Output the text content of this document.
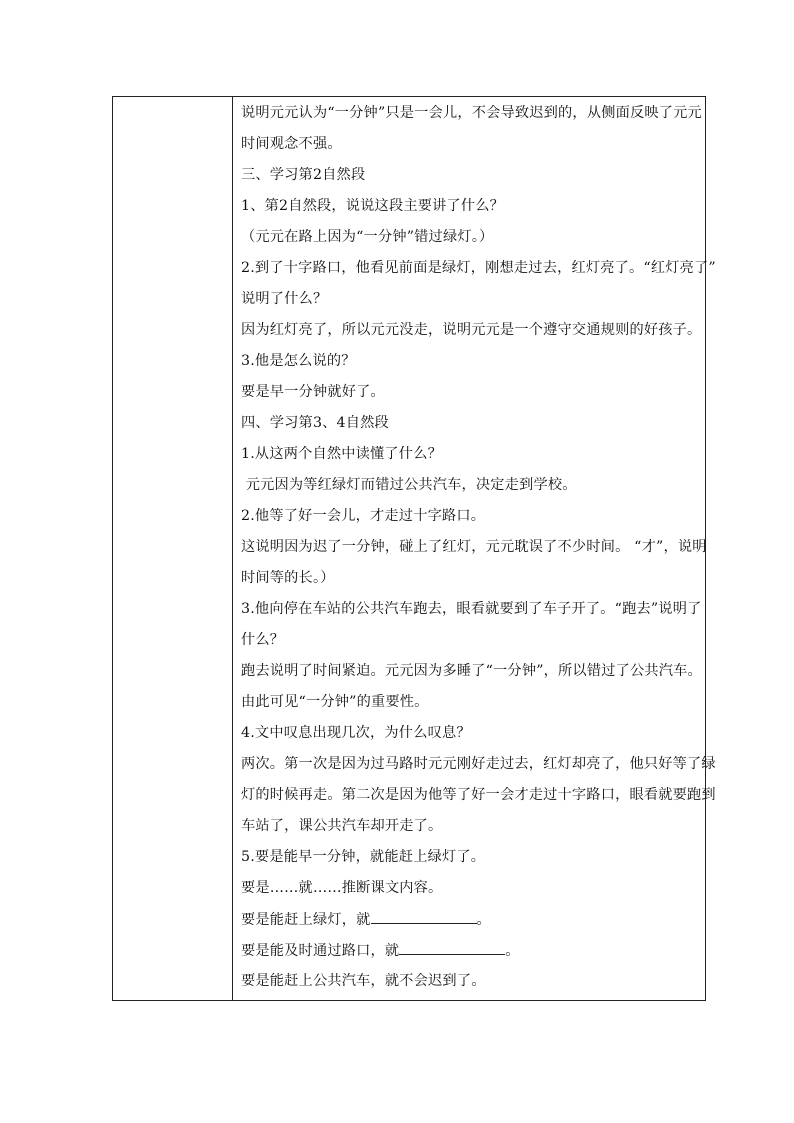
说明元元认为“一分钟”只是一会儿，不会导致迟到的，从侧面反映了元元
时间观念不强。
三、学习第2自然段
1、第2自然段，说说这段主要讲了什么？
（元元在路上因为“一分钟”错过绿灯。）
2.到了十字路口，他看见前面是绿灯，刚想走过去，红灯亮了。“红灯亮了”
说明了什么？
因为红灯亮了，所以元元没走，说明元元是一个遵守交通规则的好孩子。
3.他是怎么说的？
要是早一分钟就好了。
四、学习第3、4自然段
1.从这两个自然中读懂了什么？
元元因为等红绿灯而错过公共汽车，决定走到学校。
2.他等了好一会儿，才走过十字路口。
这说明因为迟了一分钟，碰上了红灯，元元耽误了不少时间。 “才”，说明
时间等的长。）
3.他向停在车站的公共汽车跑去，眼看就要到了车子开了。“跑去”说明了
什么？
跑去说明了时间紧迫。元元因为多睡了“一分钟”，所以错过了公共汽车。
由此可见“一分钟”的重要性。
4.文中叹息出现几次，为什么叹息？
两次。第一次是因为过马路时元元刚好走过去，红灯却亮了，他只好等了绿
灯的时候再走。第二次是因为他等了好一会才走过十字路口，眼看就要跑到
车站了，课公共汽车却开走了。
5.要是能早一分钟，就能赶上绿灯了。
要是……就……推断课文内容。
要是能赶上绿灯，就	。
要是能及时通过路口，就	。
要是能赶上公共汽车，就不会迟到了。
